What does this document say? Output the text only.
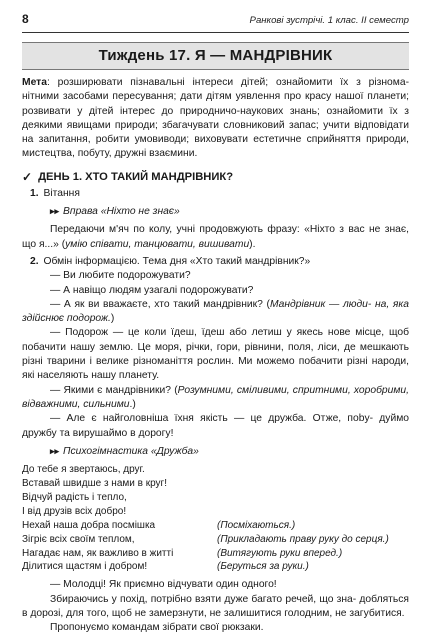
8	Ранкові зустрічі. 1 клас. ІІ семестр
Тиждень 17. Я — МАНДРІВНИК
Мета: розширювати пізнавальні інтереси дітей; ознайомити їх з різнома- нітними засобами пересування; дати дітям уявлення про красу нашої планети; розвивати у дітей інтерес до природничо-наукових знань; ознайомити їх з деякими явищами природи; збагачувати словниковий запас; учити відповідати на запитання, робити умовиводи; виховувати естетичне сприйняття природи, мистецтва, побуту, дружні взаємини.
✓ ДЕНЬ 1. ХТО ТАКИЙ МАНДРІВНИК?
1. Вітання
▸▸ Вправа «Ніхто не знає»
Передаючи м'яч по колу, учні продовжують фразу: «Ніхто з вас не знає, що я...» (умію співати, танцювати, вишивати).
2. Обмін інформацією. Тема дня «Хто такий мандрівник?»
— Ви любите подорожувати?
— А навіщо людям узагалі подорожувати?
— А як ви вважаєте, хто такий мандрівник? (Мандрівник — люди- на, яка здійснює подорож.)
— Подорож — це коли їдеш, їдеш або летиш у якесь нове місце, щоб побачити нашу землю. Це моря, річки, гори, рівнини, поля, ліси, де мешкають різні тварини і велике різноманіття рослин. Ми можемо побачити різні народи, які населяють нашу планету.
— Якими є мандрівники? (Розумними, сміливими, спритними, хоробрими, відважними, сильними.)
— Але є найголовніша їхня якість — це дружба. Отже, пobу- дуймо дружбу та вирушаймо в дорогу!
▸▸ Психогімнастика «Дружба»
До тебе я звертаюсь, друг.
Вставай швидше з нами в круг!
Відчуй радість і тепло,
І від друзів всіх добро!
Нехай наша добра посмішка	(Посміхаються.)
Зігріє всіх своїм теплом,	(Прикладають праву руку до серця.)
Нагадає нам, як важливо в житті	(Витягують руки вперед.)
Ділитися щастям і добром!	(Беруться за руки.)
— Молодці! Як приємно відчувати один одного!
Збираючись у похід, потрібно взяти дуже багато речей, що зна- добляться в дорозі, для того, щоб не замерзнути, не залишитися голодним, не загубитися.
Пропонуємо командам зібрати свої рюкзаки.
